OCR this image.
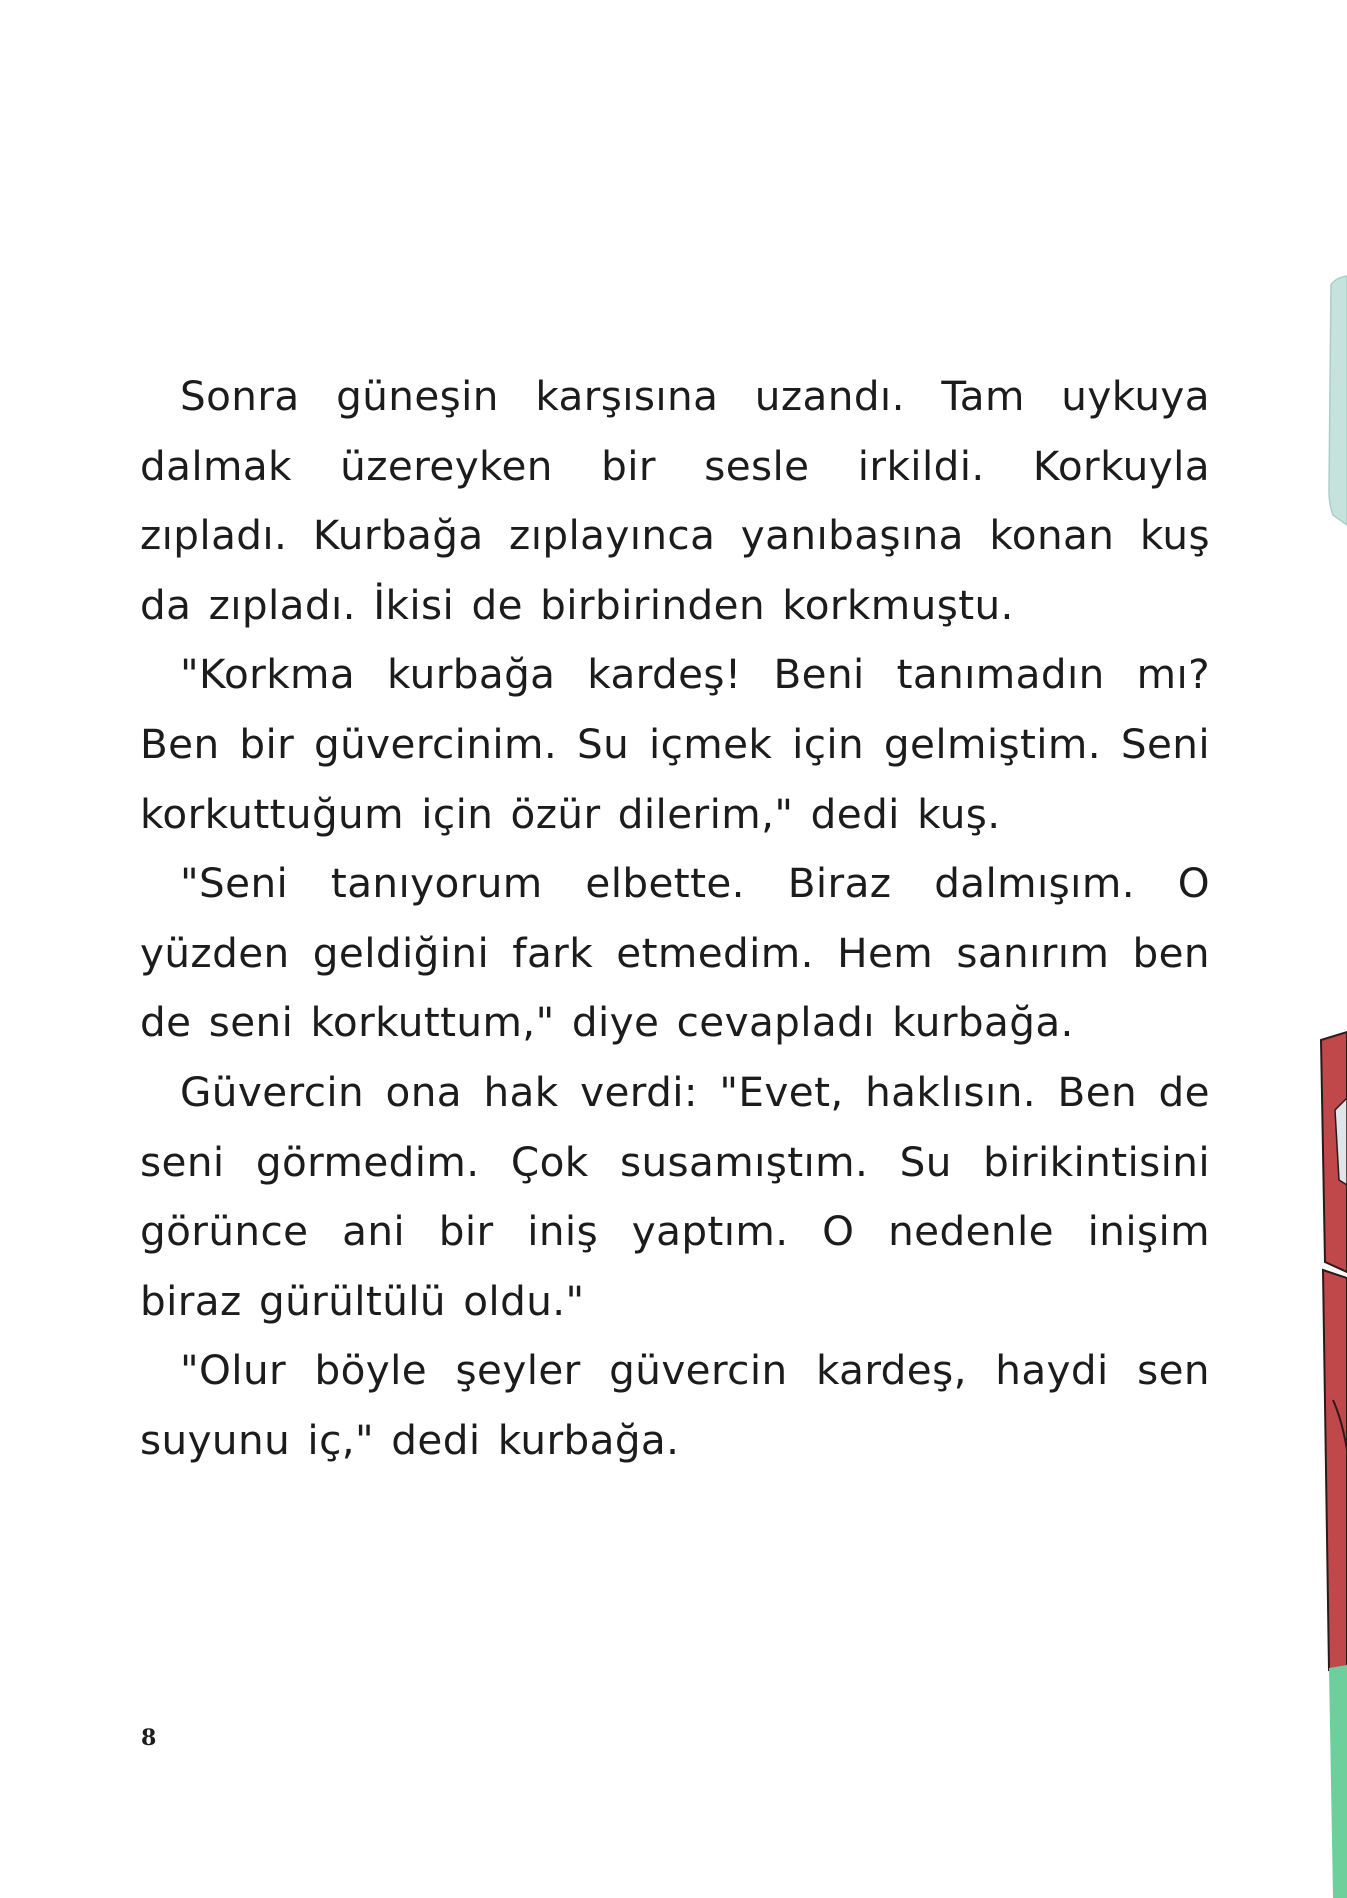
Sonra güneşin karşısına uzandı. Tam uykuya dalmak üzereyken bir sesle irkildi. Korkuyla zıpladı. Kurbağa zıplayınca yanıbaşına konan kuş da zıpladı. İkisi de birbirinden korkmuştu.

"Korkma kurbağa kardeş! Beni tanımadın mı? Ben bir güvercinim. Su içmek için gelmiştim. Seni korkuttuğum için özür dilerim," dedi kuş.

"Seni tanıyorum elbette. Biraz dalmışım. O yüzden geldiğini fark etmedim. Hem sanırım ben de seni korkuttum," diye cevapladı kurbağa.

Güvercin ona hak verdi: "Evet, haklısın. Ben de seni görmedim. Çok susamıştım. Su birikintisini görünce ani bir iniş yaptım. O nedenle inişim biraz gürültülü oldu."

"Olur böyle şeyler güvercin kardeş, haydi sen suyunu iç," dedi kurbağa.

8
